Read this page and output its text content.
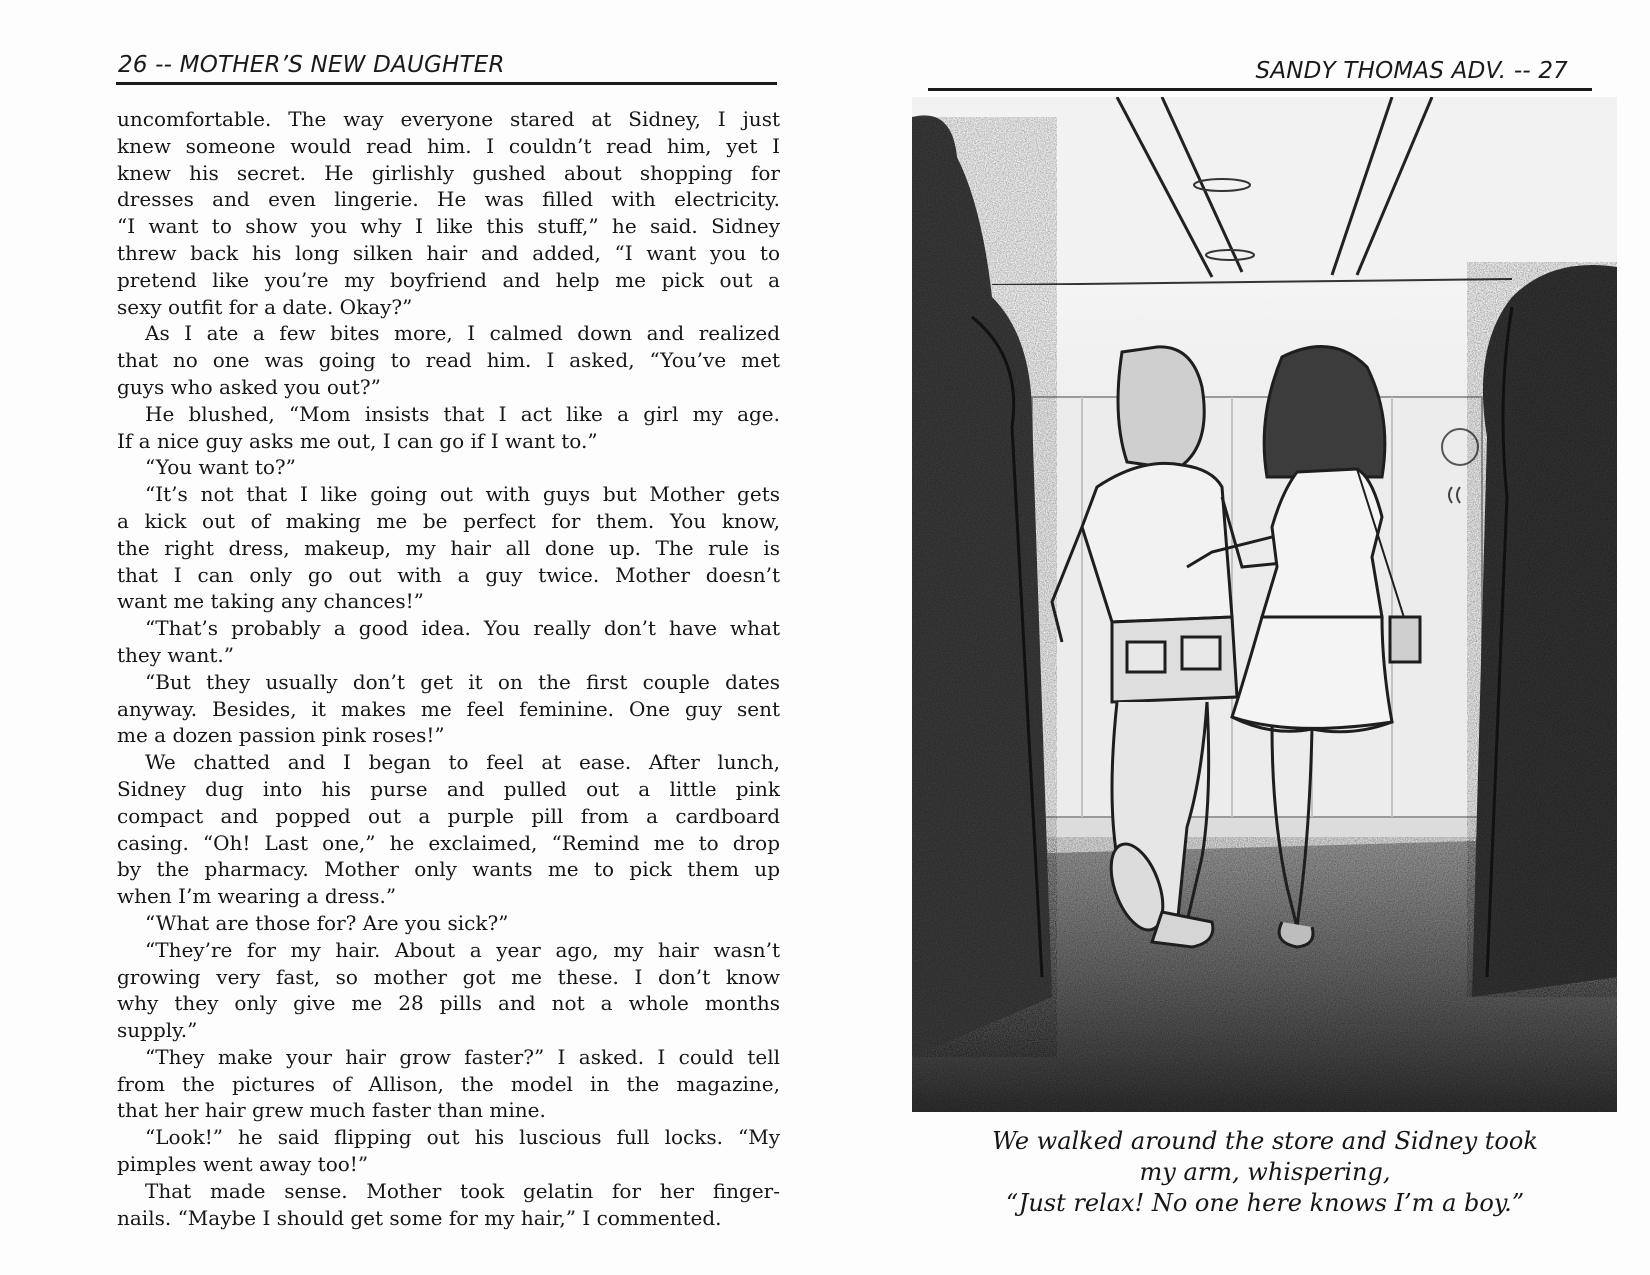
26 -- MOTHER’S NEW DAUGHTER
uncomfortable. The way everyone stared at Sidney, I just
knew someone would read him. I couldn’t read him, yet I
knew his secret. He girlishly gushed about shopping for
dresses and even lingerie. He was filled with electricity.
“I want to show you why I like this stuff,” he said. Sidney
threw back his long silken hair and added, “I want you to
pretend like you’re my boyfriend and help me pick out a
sexy outfit for a date. Okay?”
As I ate a few bites more, I calmed down and realized
that no one was going to read him. I asked, “You’ve met
guys who asked you out?”
He blushed, “Mom insists that I act like a girl my age.
If a nice guy asks me out, I can go if I want to.”
“You want to?”
“It’s not that I like going out with guys but Mother gets
a kick out of making me be perfect for them. You know,
the right dress, makeup, my hair all done up. The rule is
that I can only go out with a guy twice. Mother doesn’t
want me taking any chances!”
“That’s probably a good idea. You really don’t have what
they want.”
“But they usually don’t get it on the first couple dates
anyway. Besides, it makes me feel feminine. One guy sent
me a dozen passion pink roses!”
We chatted and I began to feel at ease. After lunch,
Sidney dug into his purse and pulled out a little pink
compact and popped out a purple pill from a cardboard
casing. “Oh! Last one,” he exclaimed, “Remind me to drop
by the pharmacy. Mother only wants me to pick them up
when I’m wearing a dress.”
“What are those for? Are you sick?”
“They’re for my hair. About a year ago, my hair wasn’t
growing very fast, so mother got me these. I don’t know
why they only give me 28 pills and not a whole months
supply.”
“They make your hair grow faster?” I asked. I could tell
from the pictures of Allison, the model in the magazine,
that her hair grew much faster than mine.
“Look!” he said flipping out his luscious full locks. “My
pimples went away too!”
That made sense. Mother took gelatin for her finger-
nails. “Maybe I should get some for my hair,” I commented.
SANDY THOMAS ADV. -- 27
We walked around the store and Sidney took
my arm, whispering,
“Just relax! No one here knows I’m a boy.”
